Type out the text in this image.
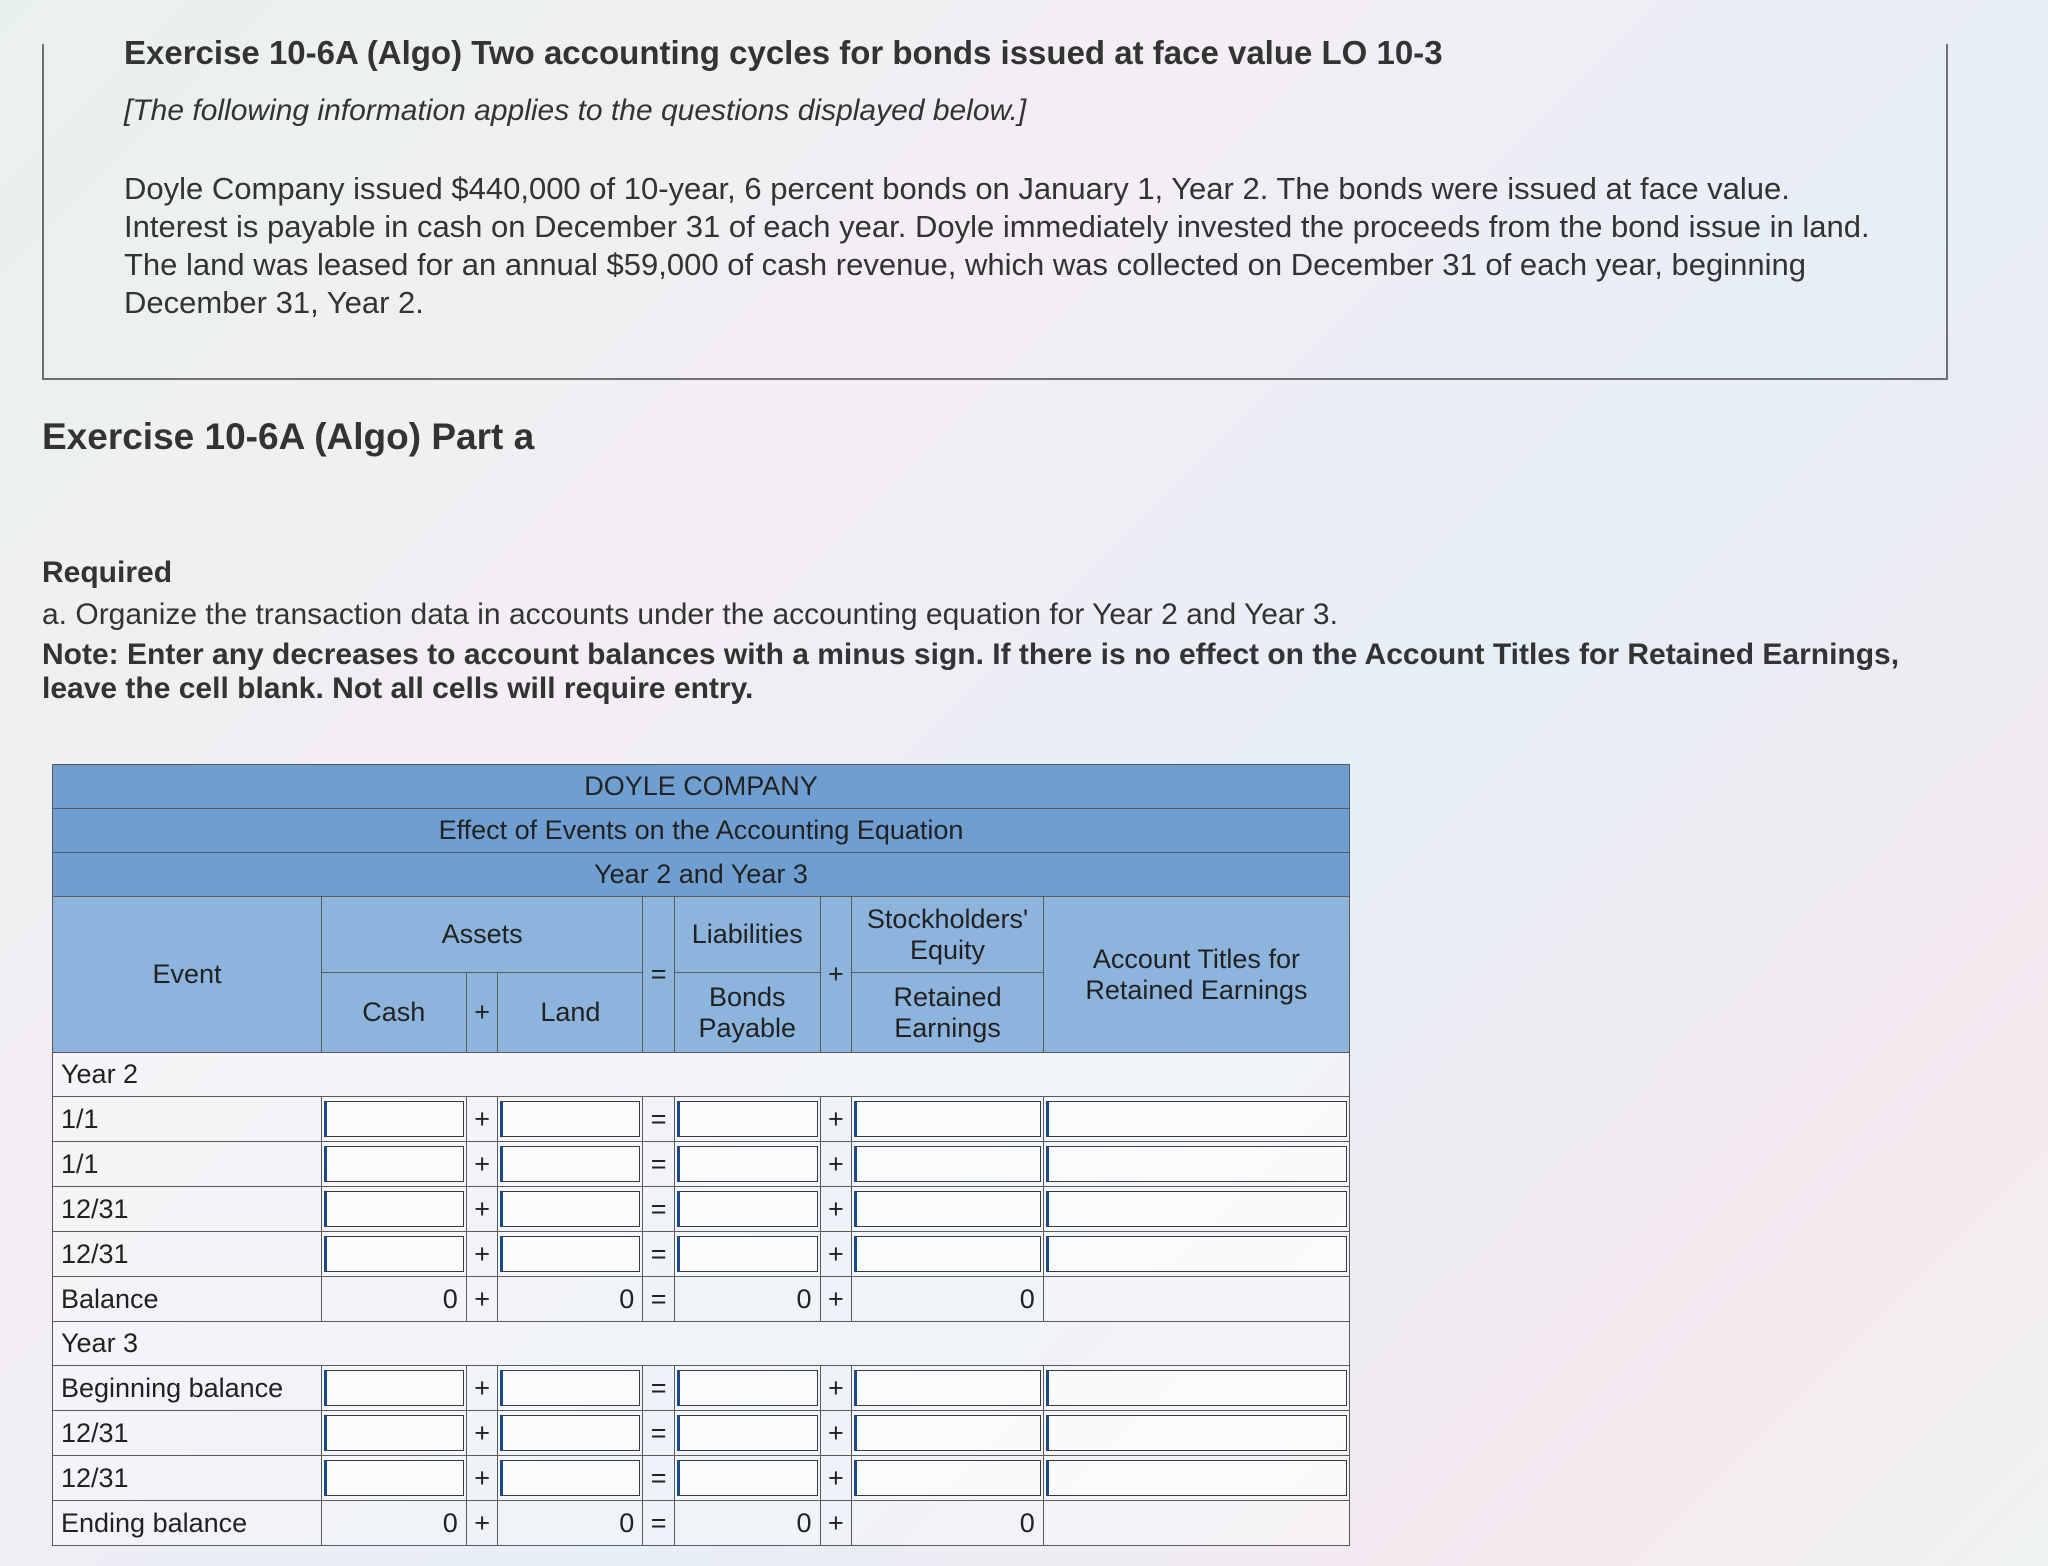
Exercise 10-6A (Algo) Two accounting cycles for bonds issued at face value LO 10-3
[The following information applies to the questions displayed below.]
Doyle Company issued $440,000 of 10-year, 6 percent bonds on January 1, Year 2. The bonds were issued at face value. Interest is payable in cash on December 31 of each year. Doyle immediately invested the proceeds from the bond issue in land. The land was leased for an annual $59,000 of cash revenue, which was collected on December 31 of each year, beginning December 31, Year 2.
Exercise 10-6A (Algo) Part a
Required
a. Organize the transaction data in accounts under the accounting equation for Year 2 and Year 3.
Note: Enter any decreases to account balances with a minus sign. If there is no effect on the Account Titles for Retained Earnings, leave the cell blank. Not all cells will require entry.
DOYLE COMPANY								
Effect of Events on the Accounting Equation								
Year 2 and Year 3								
Event	Assets			=	Liabilities	+	Stockholders' Equity	Account Titles for Retained Earnings
	Cash	+	Land		Bonds Payable		Retained Earnings	
Year 2								
1/1		+		=		+	

1/1		+		=		+	

12/31		+		=		+	

12/31		+		=		+	

Balance	0	+	0	=	0	+	0	
Year 3								
Beginning balance		+		=		+	

12/31		+		=		+	

12/31		+		=		+	

Ending balance	0	+	0	=	0	+	0	
